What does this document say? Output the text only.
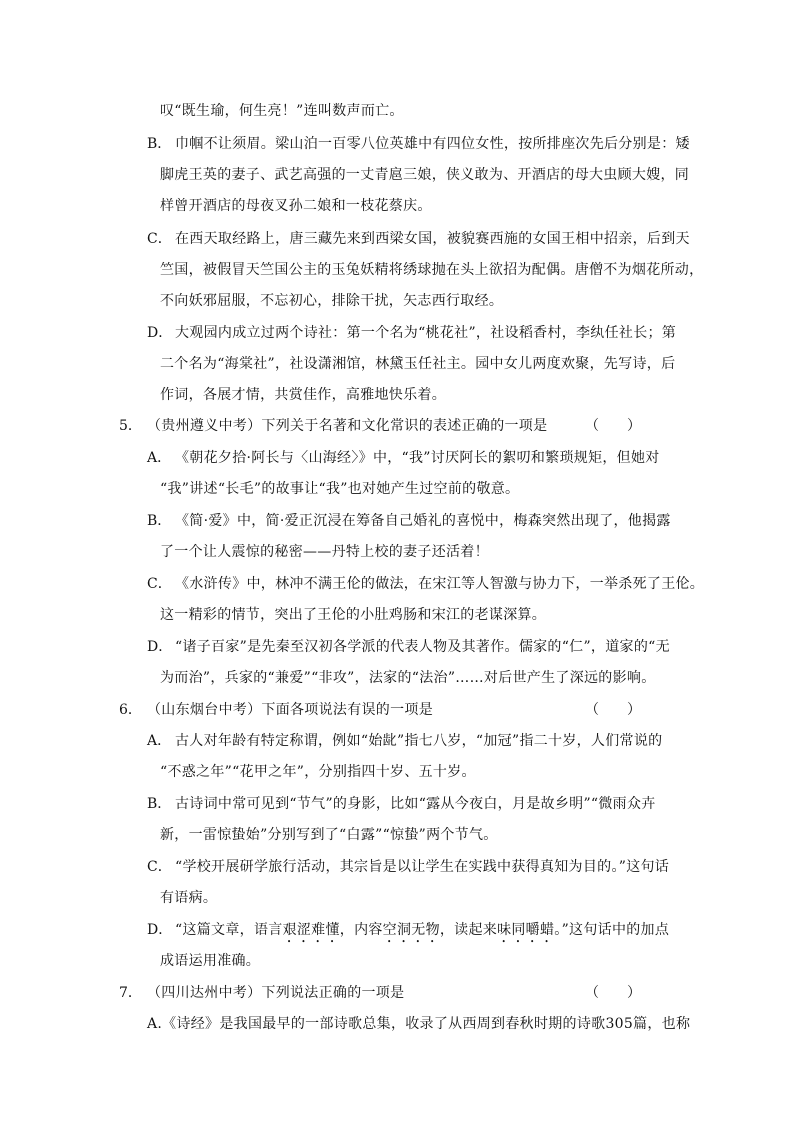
叹“既生瑜，何生亮！”连叫数声而亡。
B． 巾帼不让须眉。梁山泊一百零八位英雄中有四位女性，按所排座次先后分别是：矮
脚虎王英的妻子、武艺高强的一丈青扈三娘，侠义敢为、开酒店的母大虫顾大嫂，同
样曾开酒店的母夜叉孙二娘和一枝花蔡庆。
C． 在西天取经路上，唐三藏先来到西梁女国，被貌赛西施的女国王相中招亲，后到天
竺国，被假冒天竺国公主的玉兔妖精将绣球抛在头上欲招为配偶。唐僧不为烟花所动，
不向妖邪屈服，不忘初心，排除干扰，矢志西行取经。
D． 大观园内成立过两个诗社：第一个名为“桃花社”，社设稻香村，李纨任社长；第
二个名为“海棠社”，社设潇湘馆，林黛玉任社主。园中女儿两度欢聚，先写诗，后
作词，各展才情，共赏佳作，高雅地快乐着。
5． （贵州遵义中考）下列关于名著和文化常识的表述正确的一项是	（　　）
A． 《朝花夕拾·阿长与〈山海经〉》中，“我”讨厌阿长的絮叨和繁琐规矩，但她对
“我”讲述“长毛”的故事让“我”也对她产生过空前的敬意。
B． 《简·爱》中，简·爱正沉浸在筹备自己婚礼的喜悦中，梅森突然出现了，他揭露
了一个让人震惊的秘密——丹特上校的妻子还活着！
C． 《水浒传》中，林冲不满王伦的做法，在宋江等人智激与协力下，一举杀死了王伦。
这一精彩的情节，突出了王伦的小肚鸡肠和宋江的老谋深算。
D． “诸子百家”是先秦至汉初各学派的代表人物及其著作。儒家的“仁”，道家的“无
为而治”，兵家的“兼爱”“非攻”，法家的“法治”……对后世产生了深远的影响。
6． （山东烟台中考）下面各项说法有误的一项是	（　　）
A． 古人对年龄有特定称谓，例如“始龀”指七八岁，“加冠”指二十岁，人们常说的
“不惑之年”“花甲之年”，分别指四十岁、五十岁。
B． 古诗词中常可见到“节气”的身影，比如“露从今夜白，月是故乡明”“微雨众卉
新，一雷惊蛰始”分别写到了“白露”“惊蛰”两个节气。
C． “学校开展研学旅行活动，其宗旨是以让学生在实践中获得真知为目的。”这句话
有语病。
D． “这篇文章，语言艰涩难懂，内容空洞无物，读起来味同嚼蜡。”这句话中的加点
成语运用准确。
7． （四川达州中考）下列说法正确的一项是	（　　）
A.《诗经》是我国最早的一部诗歌总集，收录了从西周到春秋时期的诗歌305篇，也称
